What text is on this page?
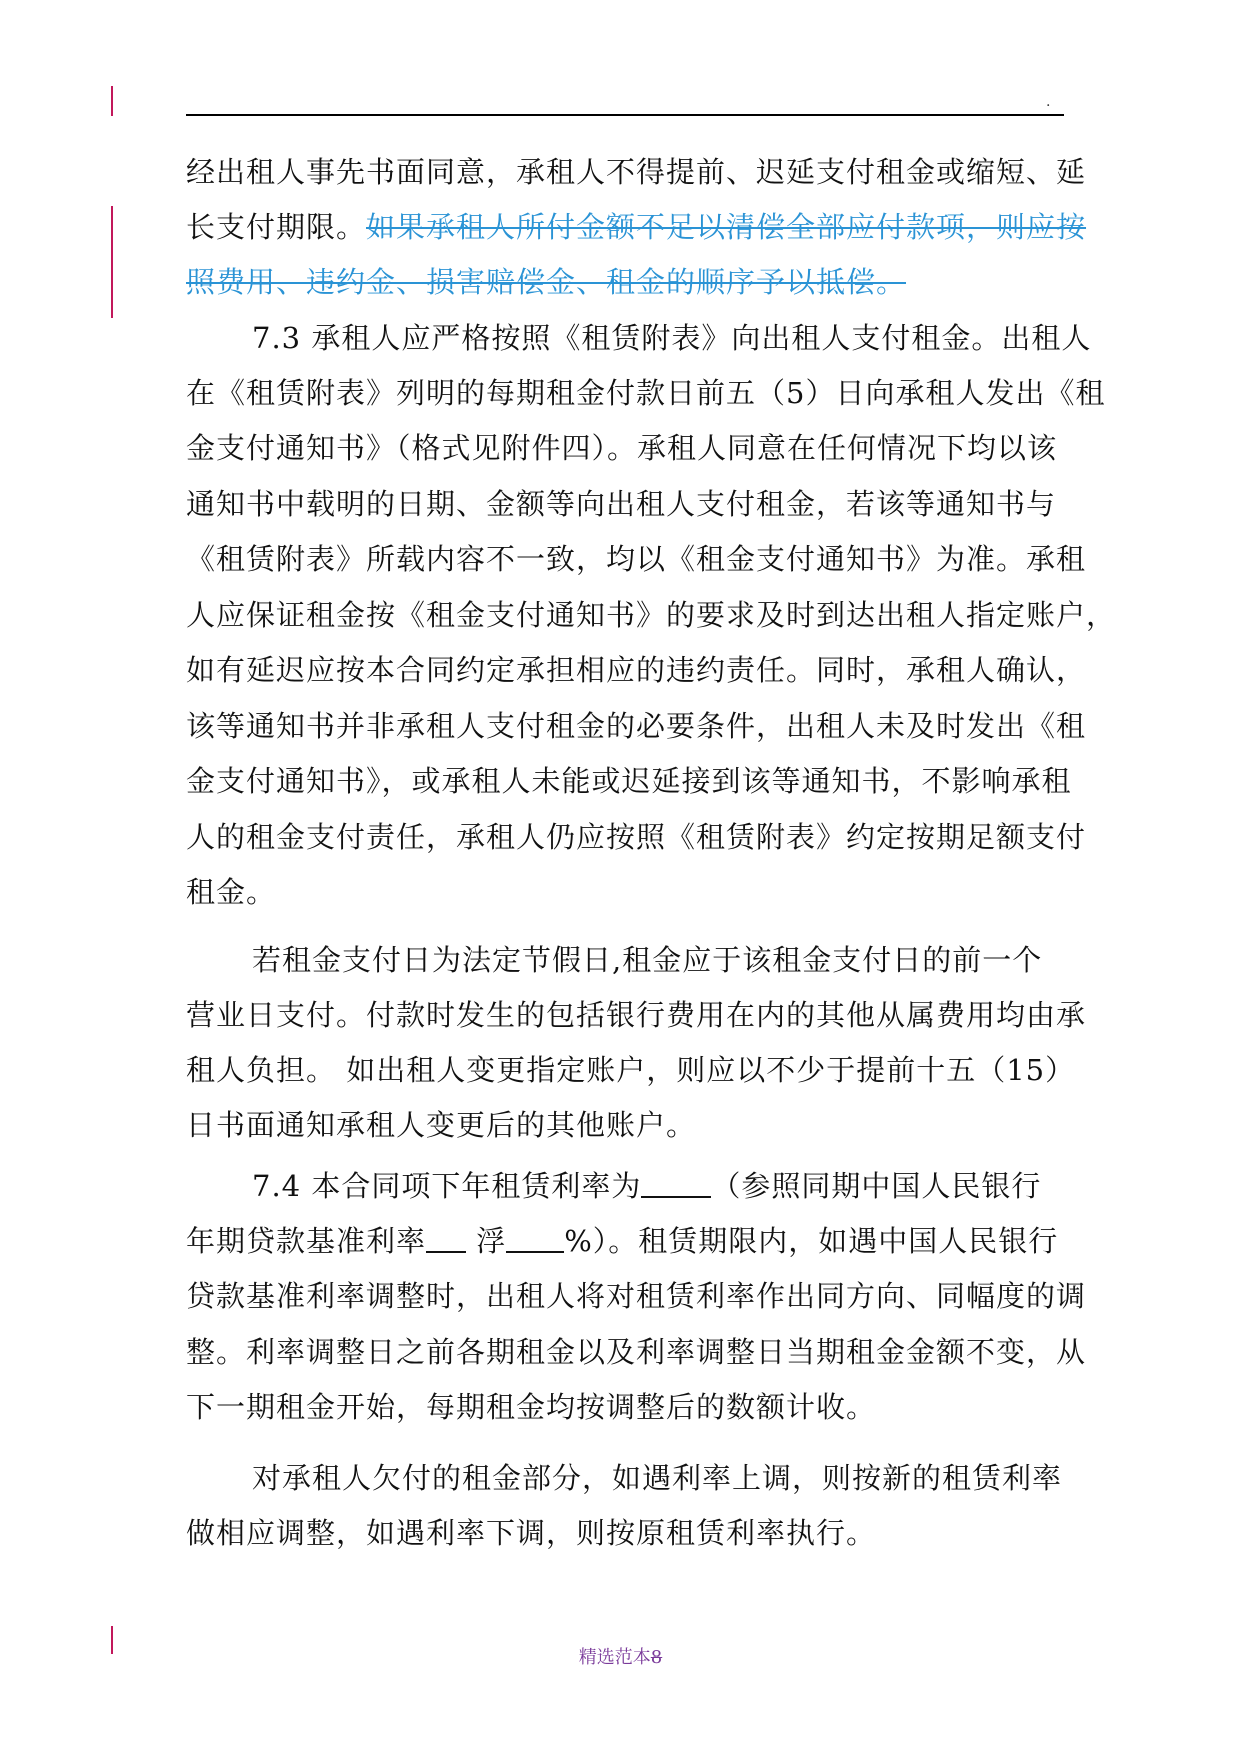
.
经出租人事先书面同意，承租人不得提前、迟延支付租金或缩短、延
长支付期限。如果承租人所付金额不足以清偿全部应付款项，则应按
照费用、违约金、损害赔偿金、租金的顺序予以抵偿。
7.3 承租人应严格按照《租赁附表》向出租人支付租金。出租人
在《租赁附表》列明的每期租金付款日前五（5）日向承租人发出《租
金支付通知书》（格式见附件四）。承租人同意在任何情况下均以该
通知书中载明的日期、金额等向出租人支付租金，若该等通知书与
《租赁附表》所载内容不一致，均以《租金支付通知书》为准。承租
人应保证租金按《租金支付通知书》的要求及时到达出租人指定账户，
如有延迟应按本合同约定承担相应的违约责任。同时，承租人确认，
该等通知书并非承租人支付租金的必要条件，出租人未及时发出《租
金支付通知书》，或承租人未能或迟延接到该等通知书，不影响承租
人的租金支付责任，承租人仍应按照《租赁附表》约定按期足额支付
租金。
若租金支付日为法定节假日,租金应于该租金支付日的前一个
营业日支付。付款时发生的包括银行费用在内的其他从属费用均由承
租人负担。 如出租人变更指定账户，则应以不少于提前十五（15）
日书面通知承租人变更后的其他账户。
7.4 本合同项下年租赁利率为 （参照同期中国人民银行
年期贷款基准利率 浮 %）。租赁期限内，如遇中国人民银行
贷款基准利率调整时，出租人将对租赁利率作出同方向、同幅度的调
整。利率调整日之前各期租金以及利率调整日当期租金金额不变，从
下一期租金开始，每期租金均按调整后的数额计收。
对承租人欠付的租金部分，如遇利率上调，则按新的租赁利率
做相应调整，如遇利率下调，则按原租赁利率执行。
精选范本8
